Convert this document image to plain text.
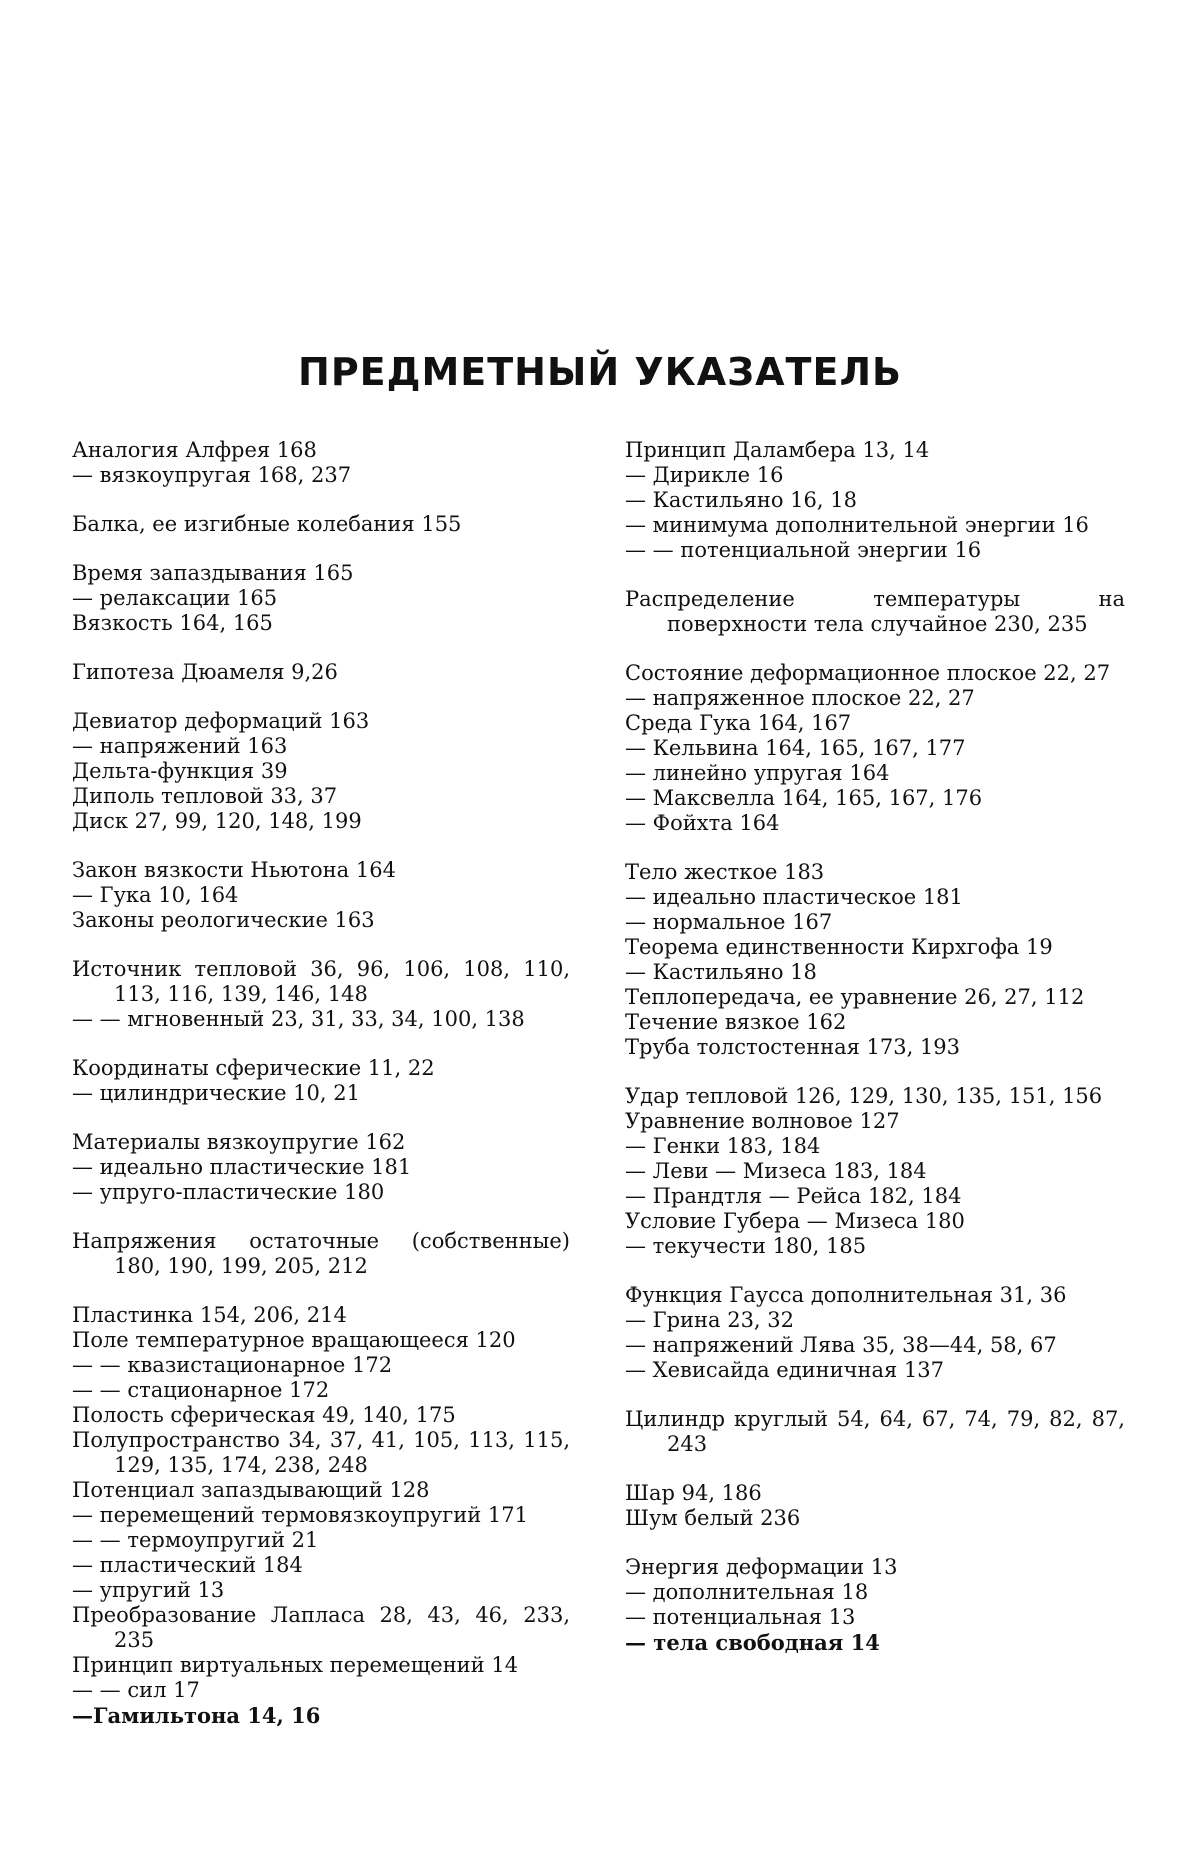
ПРЕДМЕТНЫЙ УКАЗАТЕЛЬ
Аналогия Алфрея 168
— вязкоупругая 168, 237
Балка, ее изгибные колебания 155
Время запаздывания 165
— релаксации 165
Вязкость 164, 165
Гипотеза Дюамеля 9,26
Девиатор деформаций 163
— напряжений 163
Дельта-функция 39
Диполь тепловой 33, 37
Диск 27, 99, 120, 148, 199
Закон вязкости Ньютона 164
— Гука 10, 164
Законы реологические 163
Источник тепловой 36, 96, 106, 108, 110, 113, 116, 139, 146, 148
— — мгновенный 23, 31, 33, 34, 100, 138
Координаты сферические 11, 22
— цилиндрические 10, 21
Материалы вязкоупругие 162
— идеально пластические 181
— упруго-пластические 180
Напряжения остаточные (собственные) 180, 190, 199, 205, 212
Пластинка 154, 206, 214
Поле температурное вращающееся 120
— — квазистационарное 172
— — стационарное 172
Полость сферическая 49, 140, 175
Полупространство 34, 37, 41, 105, 113, 115, 129, 135, 174, 238, 248
Потенциал запаздывающий 128
— перемещений термовязкоупругий 171
— — термоупругий 21
— пластический 184
— упругий 13
Преобразование Лапласа 28, 43, 46, 233, 235
Принцип виртуальных перемещений 14
— — сил 17
—Гамильтона 14, 16
Принцип Даламбера 13, 14
— Дирикле 16
— Кастильяно 16, 18
— минимума дополнительной энергии 16
— — потенциальной энергии 16
Распределение температуры на поверхности тела случайное 230, 235
Состояние деформационное плоское 22, 27
— напряженное плоское 22, 27
Среда Гука 164, 167
— Кельвина 164, 165, 167, 177
— линейно упругая 164
— Максвелла 164, 165, 167, 176
— Фойхта 164
Тело жесткое 183
— идеально пластическое 181
— нормальное 167
Теорема единственности Кирхгофа 19
— Кастильяно 18
Теплопередача, ее уравнение 26, 27, 112
Течение вязкое 162
Труба толстостенная 173, 193
Удар тепловой 126, 129, 130, 135, 151, 156
Уравнение волновое 127
— Генки 183, 184
— Леви — Мизеса 183, 184
— Прандтля — Рейса 182, 184
Условие Губера — Мизеса 180
— текучести 180, 185
Функция Гаусса дополнительная 31, 36
— Грина 23, 32
— напряжений Лява 35, 38—44, 58, 67
— Хевисайда единичная 137
Цилиндр круглый 54, 64, 67, 74, 79, 82, 87, 243
Шар 94, 186
Шум белый 236
Энергия деформации 13
— дополнительная 18
— потенциальная 13
— тела свободная 14
